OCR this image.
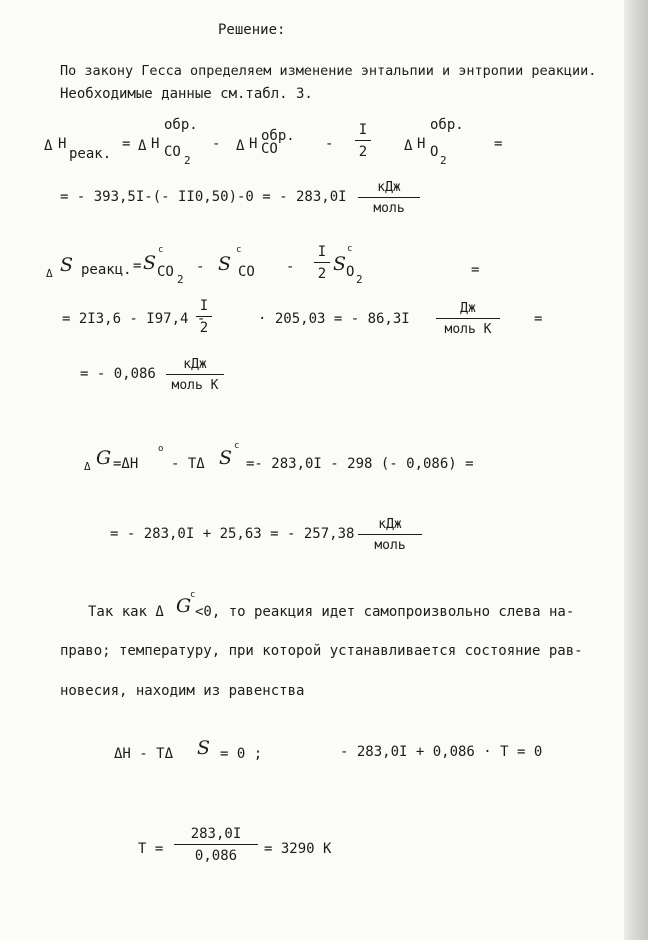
Решение:
По закону Гесса определяем изменение энтальпии и энтропии реакции.
Необходимые данные см.табл. 3.
Δ H
реак.
= Δ H
обр.
CO
2
- Δ H обр.
CO	-
I
2	Δ H
обр.
O
2
=
= - 393,5I-(- II0,50)-0 = - 283,0I
кДж
моль
Δ S реакц. = S
c
CO 2
- S
c
CO -
I
2 S
c
O 2
=
= 2I3,6 - I97,4 -
I
2
· 205,03 = - 86,3I
Дж
моль К
=
= - 0,086
кДж
моль К
Δ G =ΔH
o
- TΔ S
c
=- 283,0I - 298 (- 0,086) =
= - 283,0I + 25,63 = - 257,38
кДж
моль
Так как Δ G
c
<0, то реакция идет самопроизвольно слева на-
право; температуру, при которой устанавливается состояние рав-
новесия, находим из равенства
ΔH - TΔ S = 0 ;	- 283,0I + 0,086 · T = 0
T =
283,0I
0,086 = 3290 К
